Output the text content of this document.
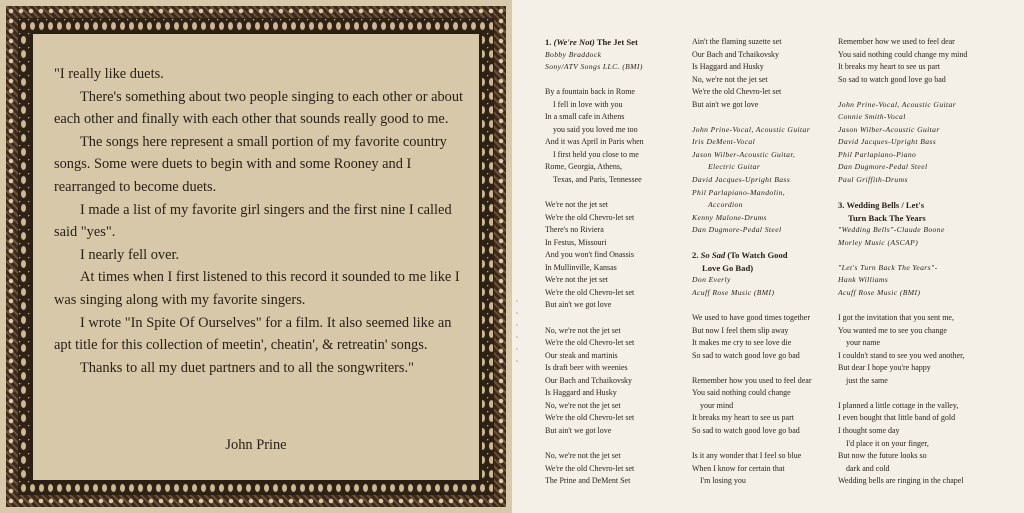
"I really like duets.

There's something about two people singing to each other or about each other and finally with each other that sounds really good to me.

The songs here represent a small portion of my favorite country songs. Some were duets to begin with and some Rooney and I rearranged to become duets.

I made a list of my favorite girl singers and the first nine I called said "yes".

I nearly fell over.

At times when I first listened to this record it sounded to me like I was singing along with my favorite singers.

I wrote "In Spite Of Ourselves" for a film. It also seemed like an apt title for this collection of meetin', cheatin', & retreatin' songs.

Thanks to all my duet partners and to all the songwriters."

John Prine
1. (We're Not) The Jet Set
Bobby Braddock
Sony/ATV Songs LLC. (BMI)
By a fountain back in Rome
I fell in love with you
In a small cafe in Athens
you said you loved me too
And it was April in Paris when
I first held you close to me
Rome, Georgia, Athens,
Texas, and Paris, Tennessee
We're not the jet set
We're the old Chevro-let set
There's no Riviera
In Festus, Missouri
And you won't find Onassis
In Mullinville, Kansas
We're not the jet set
We're the old Chevro-let set
But ain't we got love
No, we're not the jet set
We're the old Chevro-let set
Our steak and martinis
Is draft beer with weenies
Our Bach and Tchaikovsky
Is Haggard and Husky
No, we're not the jet set
We're the old Chevro-let set
But ain't we got love
No, we're not the jet set
We're the old Chevro-let set
The Prine and DeMent Set
Ain't the flaming suzette set
Our Bach and Tchaikovsky
Is Haggard and Husky
No, we're not the jet set
We're the old Chevro-let set
But ain't we got love
John Prine-Vocal, Acoustic Guitar
Iris DeMent-Vocal
Jason Wilber-Acoustic Guitar,
Electric Guitar
David Jacques-Upright Bass
Phil Parlapiano-Mandolin,
Accordion
Kenny Malone-Drums
Dan Dugmore-Pedal Steel
2. So Sad (To Watch Good
Love Go Bad)
Don Everly
Acuff Rose Music (BMI)
We used to have good times together
But now I feel them slip away
It makes me cry to see love die
So sad to watch good love go bad
Remember how you used to feel dear
You said nothing could change
your mind
It breaks my heart to see us part
So sad to watch good love go bad
Is it any wonder that I feel so blue
When I know for certain that
I'm losing you
Remember how we used to feel dear
You said nothing could change my mind
It breaks my heart to see us part
So sad to watch good love go bad
John Prine-Vocal, Acoustic Guitar
Connie Smith-Vocal
Jason Wilber-Acoustic Guitar
David Jacques-Upright Bass
Phil Parlapiano-Piano
Dan Dugmore-Pedal Steel
Paul Griffith-Drums
3. Wedding Bells / Let's
Turn Back The Years
"Wedding Bells"-Claude Boone
Morley Music (ASCAP)
"Let's Turn Back The Years"-
Hank Williams
Acuff Rose Music (BMI)
I got the invitation that you sent me,
You wanted me to see you change
your name
I couldn't stand to see you wed another,
But dear I hope you're happy
just the same
I planned a little cottage in the valley,
I even bought that little band of gold
I thought some day
I'd place it on your finger,
But now the future looks so
dark and cold
Wedding bells are ringing in the chapel
